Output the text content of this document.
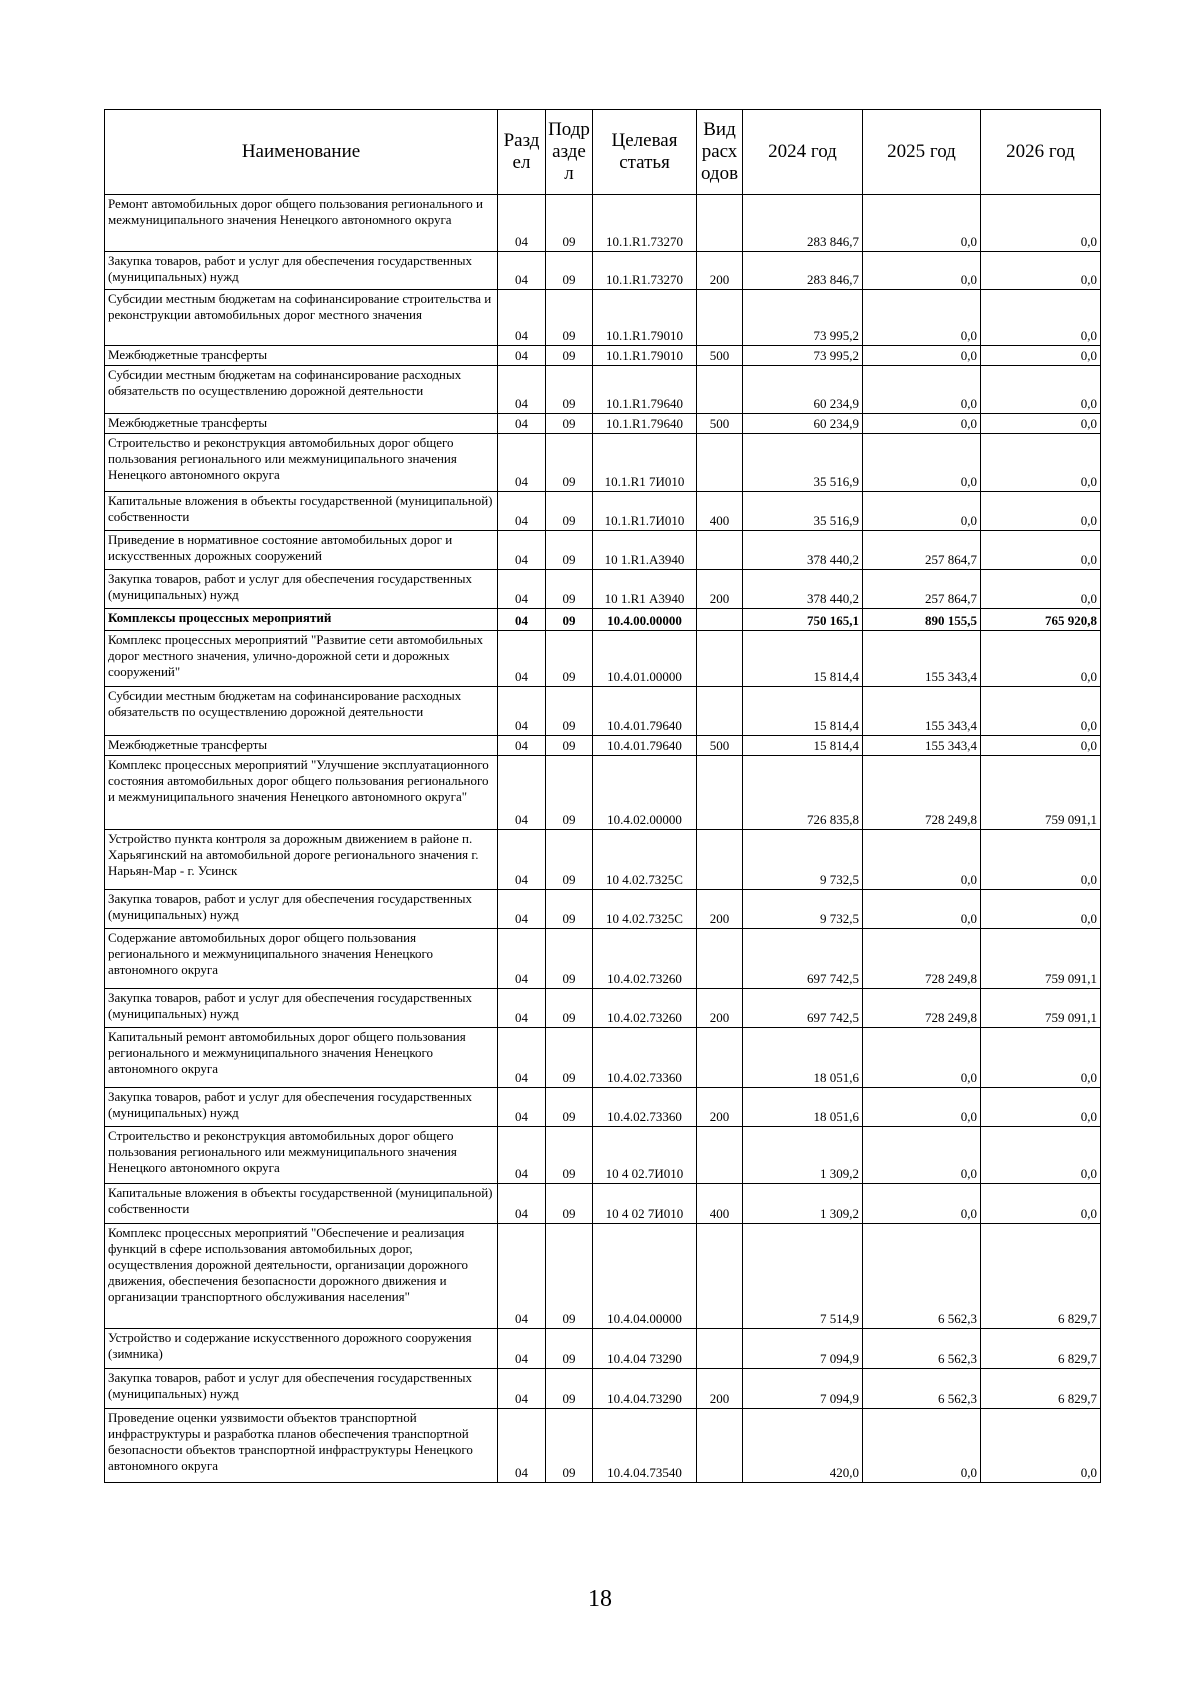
Наименование	Разд ел	Подр азде л	Целевая статья	Вид расх одов	2024 год	2025 год	2026 год
Ремонт автомобильных дорог общего пользования регионального и межмуниципального значения Ненецкого автономного округа	04	09	10.1.R1.73270		283 846,7	0,0	0,0
Закупка товаров, работ и услуг для обеспечения государственных (муниципальных) нужд	04	09	10.1.R1.73270	200	283 846,7	0,0	0,0
Субсидии местным бюджетам на софинансирование строительства и реконструкции автомобильных дорог местного значения	04	09	10.1.R1.79010		73 995,2	0,0	0,0
Межбюджетные трансферты	04	09	10.1.R1.79010	500	73 995,2	0,0	0,0
Субсидии местным бюджетам на софинансирование расходных обязательств по осуществлению дорожной деятельности	04	09	10.1.R1.79640		60 234,9	0,0	0,0
Межбюджетные трансферты	04	09	10.1.R1.79640	500	60 234,9	0,0	0,0
Строительство и реконструкция автомобильных дорог общего пользования регионального или межмуниципального значения Ненецкого автономного округа	04	09	10.1.R1 7И010		35 516,9	0,0	0,0
Капитальные вложения в объекты государственной (муниципальной) собственности	04	09	10.1.R1.7И010	400	35 516,9	0,0	0,0
Приведение в нормативное состояние автомобильных дорог и искусственных дорожных сооружений	04	09	10 1.R1.А3940		378 440,2	257 864,7	0,0
Закупка товаров, работ и услуг для обеспечения государственных (муниципальных) нужд	04	09	10 1.R1 А3940	200	378 440,2	257 864,7	0,0
Комплексы процессных мероприятий	04	09	10.4.00.00000		750 165,1	890 155,5	765 920,8
Комплекс процессных мероприятий "Развитие сети автомобильных дорог местного значения, улично-дорожной сети и дорожных сооружений"	04	09	10.4.01.00000		15 814,4	155 343,4	0,0
Субсидии местным бюджетам на софинансирование расходных обязательств по осуществлению дорожной деятельности	04	09	10.4.01.79640		15 814,4	155 343,4	0,0
Межбюджетные трансферты	04	09	10.4.01.79640	500	15 814,4	155 343,4	0,0
Комплекс процессных мероприятий "Улучшение эксплуатационного состояния автомобильных дорог общего пользования регионального и межмуниципального значения Ненецкого автономного округа"	04	09	10.4.02.00000		726 835,8	728 249,8	759 091,1
Устройство пункта контроля за дорожным движением в районе п. Харьягинский на автомобильной дороге регионального значения г. Нарьян-Мар - г. Усинск	04	09	10 4.02.7325С		9 732,5	0,0	0,0
Закупка товаров, работ и услуг для обеспечения государственных (муниципальных) нужд	04	09	10 4.02.7325С	200	9 732,5	0,0	0,0
Содержание автомобильных дорог общего пользования регионального и межмуниципального значения Ненецкого автономного округа	04	09	10.4.02.73260		697 742,5	728 249,8	759 091,1
Закупка товаров, работ и услуг для обеспечения государственных (муниципальных) нужд	04	09	10.4.02.73260	200	697 742,5	728 249,8	759 091,1
Капитальный ремонт автомобильных дорог общего пользования регионального и межмуниципального значения Ненецкого автономного округа	04	09	10.4.02.73360		18 051,6	0,0	0,0
Закупка товаров, работ и услуг для обеспечения государственных (муниципальных) нужд	04	09	10.4.02.73360	200	18 051,6	0,0	0,0
Строительство и реконструкция автомобильных дорог общего пользования регионального или межмуниципального значения Ненецкого автономного округа	04	09	10 4 02.7И010		1 309,2	0,0	0,0
Капитальные вложения в объекты государственной (муниципальной) собственности	04	09	10 4 02 7И010	400	1 309,2	0,0	0,0
Комплекс процессных мероприятий "Обеспечение и реализация функций в сфере использования автомобильных дорог, осуществления дорожной деятельности, организации дорожного движения, обеспечения безопасности дорожного движения и организации транспортного обслуживания населения"	04	09	10.4.04.00000		7 514,9	6 562,3	6 829,7
Устройство и содержание искусственного дорожного сооружения (зимника)	04	09	10.4.04 73290		7 094,9	6 562,3	6 829,7
Закупка товаров, работ и услуг для обеспечения государственных (муниципальных) нужд	04	09	10.4.04.73290	200	7 094,9	6 562,3	6 829,7
Проведение оценки уязвимости объектов транспортной инфраструктуры и разработка планов обеспечения транспортной безопасности объектов транспортной инфраструктуры Ненецкого автономного округа	04	09	10.4.04.73540		420,0	0,0	0,0
18
